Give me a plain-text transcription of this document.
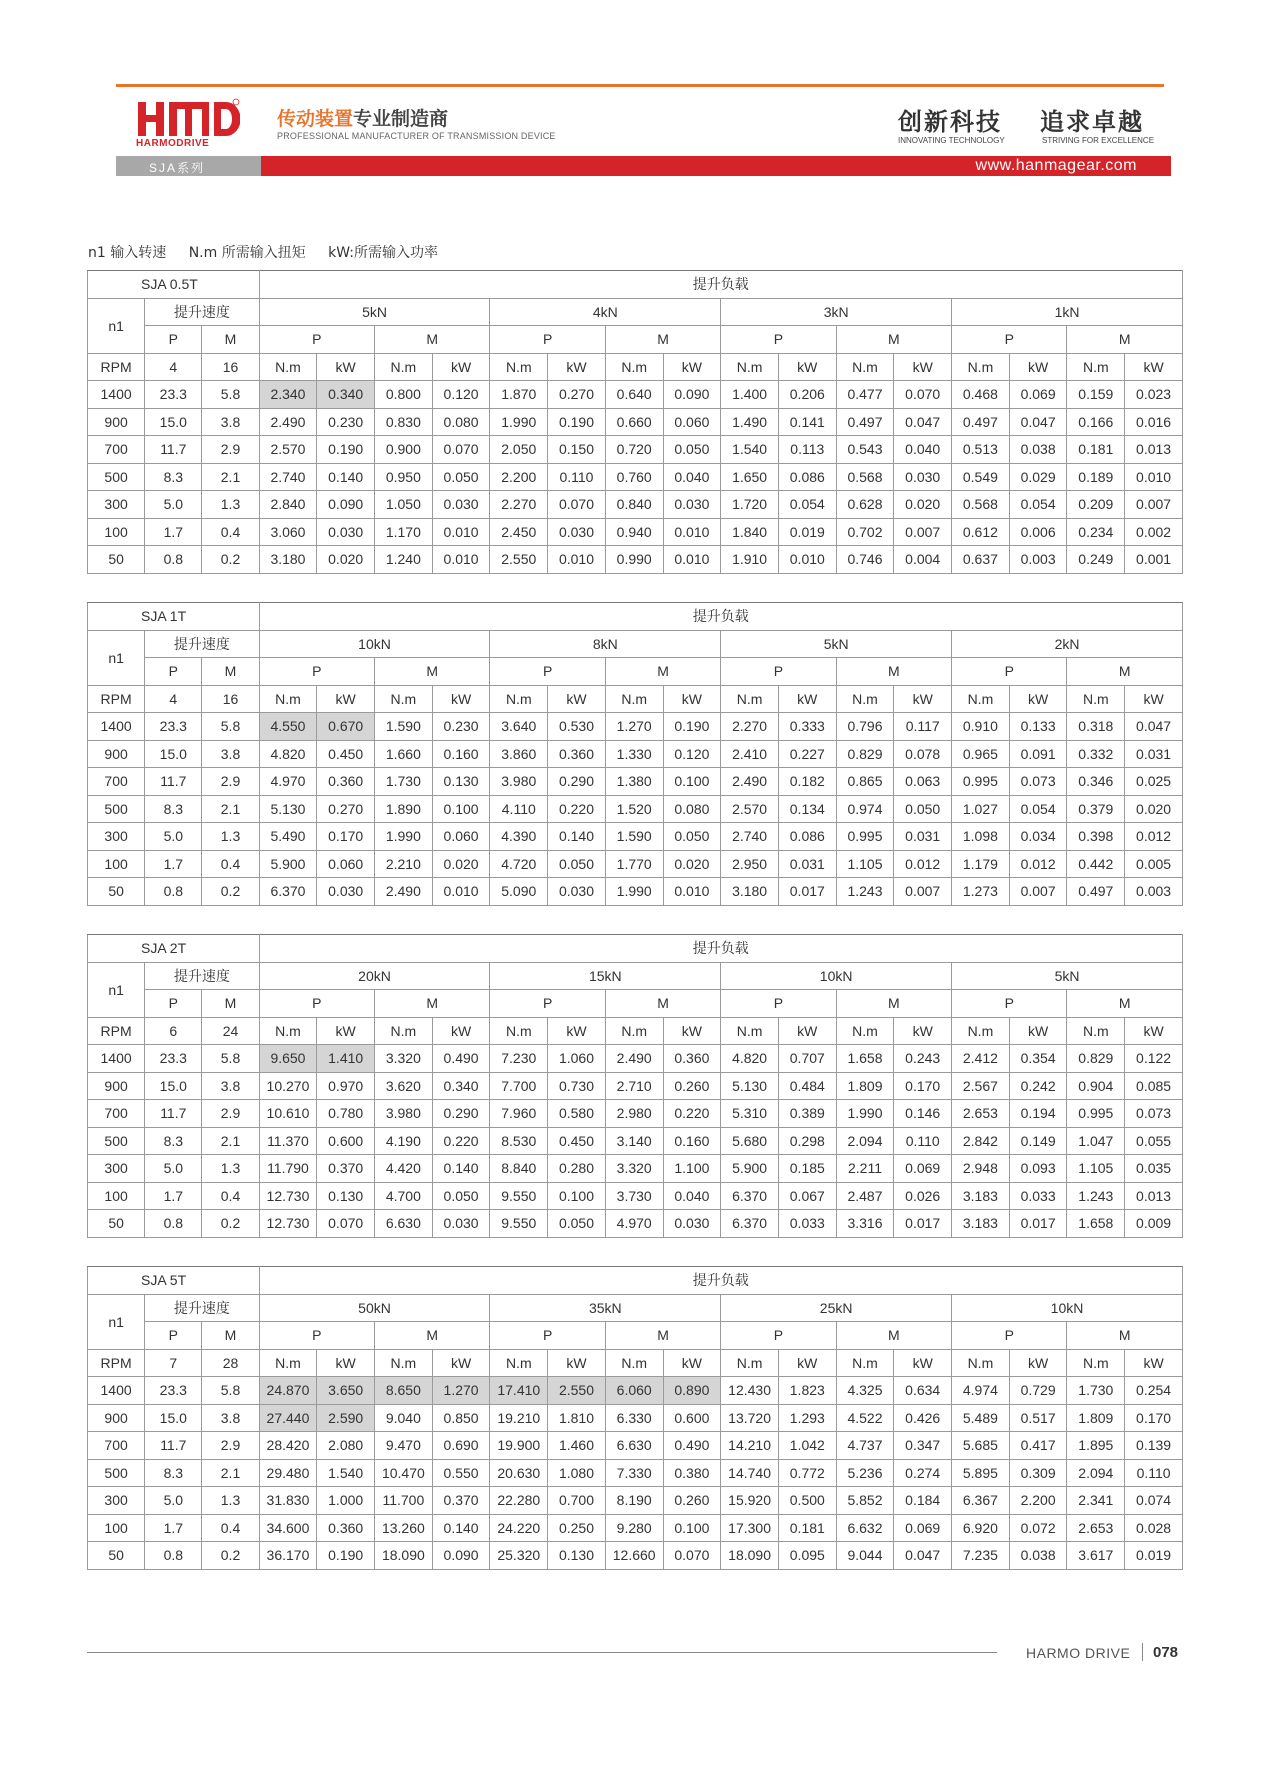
HARMODRIVE
传动装置专业制造商
PROFESSIONAL MANUFACTURER OF TRANSMISSION DEVICE	创新科技 追求卓越
INNOVATING TECHNOLOGY	STRIVING FOR EXCELLENCE
SJA系列	www.hanmagear.com
n1 输入转速 N.m 所需输入扭矩 kW:所需输入功率
SJA 0.5T			提升负载															
n1	提升速度		5kN				4kN				3kN				1kN			
	P	M	P		M		P		M		P		M		P		M	
RPM	4	16	N.m	kW	N.m	kW	N.m	kW	N.m	kW	N.m	kW	N.m	kW	N.m	kW	N.m	kW
1400	23.3	5.8	2.340	0.340	0.800	0.120	1.870	0.270	0.640	0.090	1.400	0.206	0.477	0.070	0.468	0.069	0.159	0.023
900	15.0	3.8	2.490	0.230	0.830	0.080	1.990	0.190	0.660	0.060	1.490	0.141	0.497	0.047	0.497	0.047	0.166	0.016
700	11.7	2.9	2.570	0.190	0.900	0.070	2.050	0.150	0.720	0.050	1.540	0.113	0.543	0.040	0.513	0.038	0.181	0.013
500	8.3	2.1	2.740	0.140	0.950	0.050	2.200	0.110	0.760	0.040	1.650	0.086	0.568	0.030	0.549	0.029	0.189	0.010
300	5.0	1.3	2.840	0.090	1.050	0.030	2.270	0.070	0.840	0.030	1.720	0.054	0.628	0.020	0.568	0.054	0.209	0.007
100	1.7	0.4	3.060	0.030	1.170	0.010	2.450	0.030	0.940	0.010	1.840	0.019	0.702	0.007	0.612	0.006	0.234	0.002
50	0.8	0.2	3.180	0.020	1.240	0.010	2.550	0.010	0.990	0.010	1.910	0.010	0.746	0.004	0.637	0.003	0.249	0.001
SJA 1T			提升负载															
n1	提升速度		10kN				8kN				5kN				2kN			
	P	M	P		M		P		M		P		M		P		M	
RPM	4	16	N.m	kW	N.m	kW	N.m	kW	N.m	kW	N.m	kW	N.m	kW	N.m	kW	N.m	kW
1400	23.3	5.8	4.550	0.670	1.590	0.230	3.640	0.530	1.270	0.190	2.270	0.333	0.796	0.117	0.910	0.133	0.318	0.047
900	15.0	3.8	4.820	0.450	1.660	0.160	3.860	0.360	1.330	0.120	2.410	0.227	0.829	0.078	0.965	0.091	0.332	0.031
700	11.7	2.9	4.970	0.360	1.730	0.130	3.980	0.290	1.380	0.100	2.490	0.182	0.865	0.063	0.995	0.073	0.346	0.025
500	8.3	2.1	5.130	0.270	1.890	0.100	4.110	0.220	1.520	0.080	2.570	0.134	0.974	0.050	1.027	0.054	0.379	0.020
300	5.0	1.3	5.490	0.170	1.990	0.060	4.390	0.140	1.590	0.050	2.740	0.086	0.995	0.031	1.098	0.034	0.398	0.012
100	1.7	0.4	5.900	0.060	2.210	0.020	4.720	0.050	1.770	0.020	2.950	0.031	1.105	0.012	1.179	0.012	0.442	0.005
50	0.8	0.2	6.370	0.030	2.490	0.010	5.090	0.030	1.990	0.010	3.180	0.017	1.243	0.007	1.273	0.007	0.497	0.003
SJA 2T			提升负载															
n1	提升速度		20kN				15kN				10kN				5kN			
	P	M	P		M		P		M		P		M		P		M	
RPM	6	24	N.m	kW	N.m	kW	N.m	kW	N.m	kW	N.m	kW	N.m	kW	N.m	kW	N.m	kW
1400	23.3	5.8	9.650	1.410	3.320	0.490	7.230	1.060	2.490	0.360	4.820	0.707	1.658	0.243	2.412	0.354	0.829	0.122
900	15.0	3.8	10.270	0.970	3.620	0.340	7.700	0.730	2.710	0.260	5.130	0.484	1.809	0.170	2.567	0.242	0.904	0.085
700	11.7	2.9	10.610	0.780	3.980	0.290	7.960	0.580	2.980	0.220	5.310	0.389	1.990	0.146	2.653	0.194	0.995	0.073
500	8.3	2.1	11.370	0.600	4.190	0.220	8.530	0.450	3.140	0.160	5.680	0.298	2.094	0.110	2.842	0.149	1.047	0.055
300	5.0	1.3	11.790	0.370	4.420	0.140	8.840	0.280	3.320	1.100	5.900	0.185	2.211	0.069	2.948	0.093	1.105	0.035
100	1.7	0.4	12.730	0.130	4.700	0.050	9.550	0.100	3.730	0.040	6.370	0.067	2.487	0.026	3.183	0.033	1.243	0.013
50	0.8	0.2	12.730	0.070	6.630	0.030	9.550	0.050	4.970	0.030	6.370	0.033	3.316	0.017	3.183	0.017	1.658	0.009
SJA 5T			提升负载															
n1	提升速度		50kN				35kN				25kN				10kN			
	P	M	P		M		P		M		P		M		P		M	
RPM	7	28	N.m	kW	N.m	kW	N.m	kW	N.m	kW	N.m	kW	N.m	kW	N.m	kW	N.m	kW
1400	23.3	5.8	24.870	3.650	8.650	1.270	17.410	2.550	6.060	0.890	12.430	1.823	4.325	0.634	4.974	0.729	1.730	0.254
900	15.0	3.8	27.440	2.590	9.040	0.850	19.210	1.810	6.330	0.600	13.720	1.293	4.522	0.426	5.489	0.517	1.809	0.170
700	11.7	2.9	28.420	2.080	9.470	0.690	19.900	1.460	6.630	0.490	14.210	1.042	4.737	0.347	5.685	0.417	1.895	0.139
500	8.3	2.1	29.480	1.540	10.470	0.550	20.630	1.080	7.330	0.380	14.740	0.772	5.236	0.274	5.895	0.309	2.094	0.110
300	5.0	1.3	31.830	1.000	11.700	0.370	22.280	0.700	8.190	0.260	15.920	0.500	5.852	0.184	6.367	2.200	2.341	0.074
100	1.7	0.4	34.600	0.360	13.260	0.140	24.220	0.250	9.280	0.100	17.300	0.181	6.632	0.069	6.920	0.072	2.653	0.028
50	0.8	0.2	36.170	0.190	18.090	0.090	25.320	0.130	12.660	0.070	18.090	0.095	9.044	0.047	7.235	0.038	3.617	0.019
HARMO DRIVE 078
